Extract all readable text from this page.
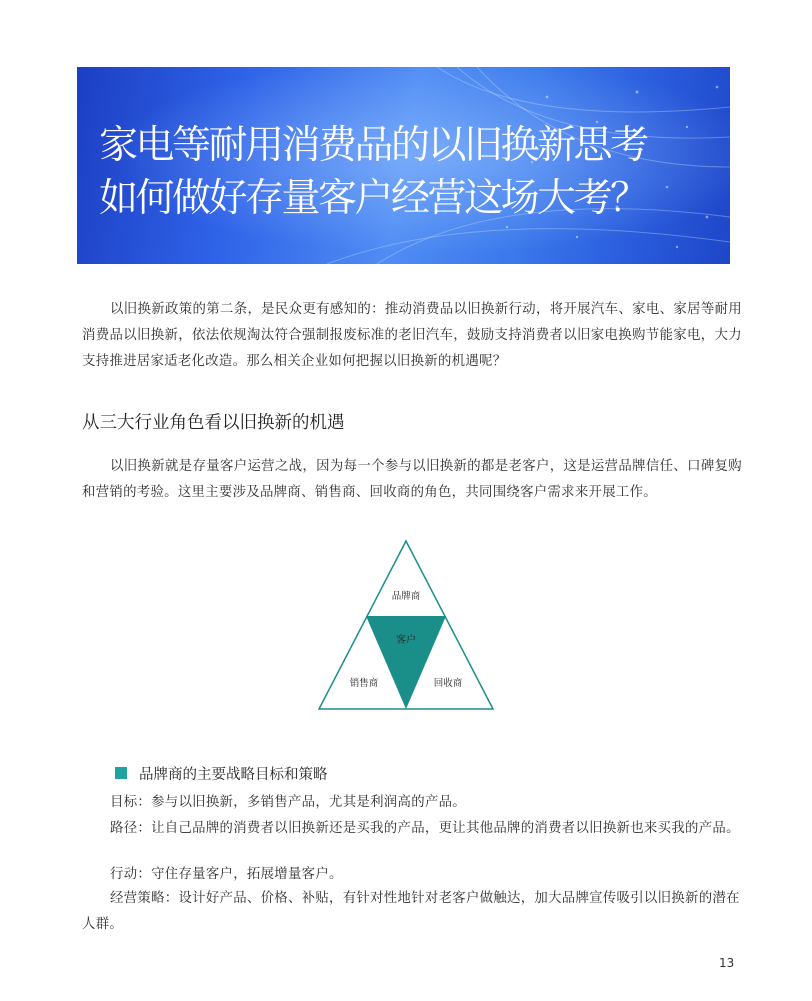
家电等耐用消费品的以旧换新思考
如何做好存量客户经营这场大考？

以旧换新政策的第二条，是民众更有感知的：推动消费品以旧换新行动，将开展汽车、家电、家居等耐用消费品以旧换新，依法依规淘汰符合强制报废标准的老旧汽车，鼓励支持消费者以旧家电换购节能家电，大力支持推进居家适老化改造。那么相关企业如何把握以旧换新的机遇呢？

从三大行业角色看以旧换新的机遇

以旧换新就是存量客户运营之战，因为每一个参与以旧换新的都是老客户，这是运营品牌信任、口碑复购和营销的考验。这里主要涉及品牌商、销售商、回收商的角色，共同围绕客户需求来开展工作。

品牌商
客户
销售商	回收商
品牌商的主要战略目标和策略

目标：参与以旧换新，多销售产品，尤其是利润高的产品。

路径：让自己品牌的消费者以旧换新还是买我的产品，更让其他品牌的消费者以旧换新也来买我的产品。

行动：守住存量客户，拓展增量客户。

经营策略：设计好产品、价格、补贴，有针对性地针对老客户做触达，加大品牌宣传吸引以旧换新的潜在人群。

13
